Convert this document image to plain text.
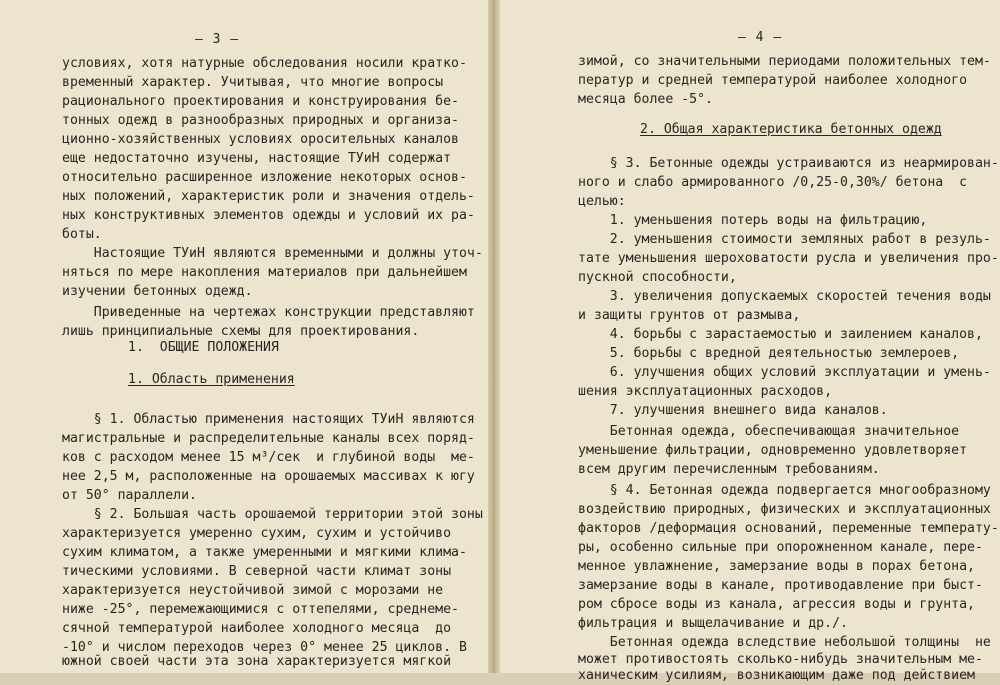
— 3 —
условиях, хотя натурные обследования носили кратко-
временный характер. Учитывая, что многие вопросы
рационального проектирования и конструирования бе-
тонных одежд в разнообразных природных и организа-
ционно-хозяйственных условиях оросительных каналов
еще недостаточно изучены, настоящие ТУиН содержат
относительно расширенное изложение некоторых основ-
ных положений, характеристик роли и значения отдель-
ных конструктивных элементов одежды и условий их ра-
боты.
Настоящие ТУиН являются временными и должны уточ-
няться по мере накопления материалов при дальнейшем
изучении бетонных одежд.
Приведенные на чертежах конструкции представляют
лишь принципиальные схемы для проектирования.
1.  ОБЩИЕ ПОЛОЖЕНИЯ
1. Область применения
§ 1. Областью применения настоящих ТУиН являются
магистральные и распределительные каналы всех поряд-
ков с расходом менее 15 м³/сек  и глубиной воды  ме-
нее 2,5 м, расположенные на орошаемых массивах к югу
от 50° параллели.
§ 2. Большая часть орошаемой территории этой зоны
характеризуется умеренно сухим, сухим и устойчиво
сухим климатом, а также умеренными и мягкими клима-
тическими условиями. В северной части климат зоны
характеризуется неустойчивой зимой с морозами не
ниже -25°, перемежающимися с оттепелями, среднеме-
сячной температурой наиболее холодного месяца  до
-10° и числом переходов через 0° менее 25 циклов. В
южной своей части эта зона характеризуется мягкой
— 4 —
зимой, со значительными периодами положительных тем-
ператур и средней температурой наиболее холодного
месяца более -5°.
2. Общая характеристика бетонных одежд
§ 3. Бетонные одежды устраиваются из неармирован-
ного и слабо армированного /0,25-0,30%/ бетона  с
целью:
1. уменьшения потерь воды на фильтрацию,
2. уменьшения стоимости земляных работ в резуль-
тате уменьшения шероховатости русла и увеличения про-
пускной способности,
3. увеличения допускаемых скоростей течения воды
и защиты грунтов от размыва,
4. борьбы с зарастаемостью и заилением каналов,
5. борьбы с вредной деятельностью землероев,
6. улучшения общих условий эксплуатации и умень-
шения эксплуатационных расходов,
7. улучшения внешнего вида каналов.
Бетонная одежда, обеспечивающая значительное
уменьшение фильтрации, одновременно удовлетворяет
всем другим перечисленным требованиям.
§ 4. Бетонная одежда подвергается многообразному
воздействию природных, физических и эксплуатационных
факторов /деформация оснований, переменные температу-
ры, особенно сильные при опорожненном канале, пере-
менное увлажнение, замерзание воды в порах бетона,
замерзание воды в канале, противодавление при быст-
ром сбросе воды из канала, агрессия воды и грунта,
фильтрация и выщелачивание и др./.
Бетонная одежда вследствие небольшой толщины  не
может противостоять сколько-нибудь значительным ме-
ханическим усилиям, возникающим даже под действием
